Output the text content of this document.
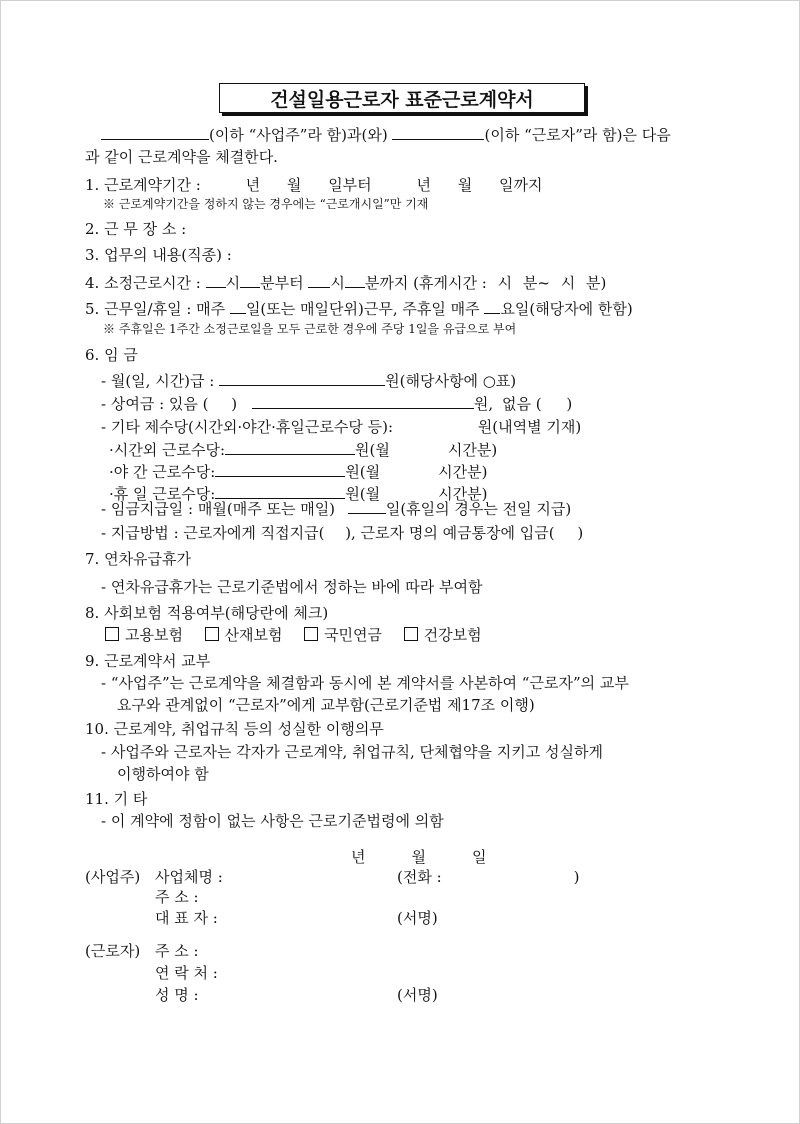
건설일용근로자 표준근로계약서
(이하 “사업주”라 함)과(와)	(이하 “근로자”라 함)은 다음
과 같이 근로계약을 체결한다.
1. 근로계약기간 :	년 월 일부터	년 월 일까지
※ 근로계약기간을 정하지 않는 경우에는 “근로개시일”만 기재
2. 근 무 장 소 :
3. 업무의 내용(직종) :
4. 소정근로시간 : 시 분부터 시 분까지 (휴게시간 : 시 분~ 시 분)
5. 근무일/휴일 : 매주 일(또는 매일단위)근무, 주휴일 매주 요일(해당자에 한함)
※ 주휴일은 1주간 소정근로일을 모두 근로한 경우에 주당 1일을 유급으로 부여
6. 임 금
- 월(일, 시간)급 :	원(해당사항에 ○표)
- 상여금 : 있음 ( )	원, 없음 ( )
- 기타 제수당(시간외·야간·휴일근로수당 등):	원(내역별 기재)
·시간외 근로수당:	원(월	시간분)
·야 간 근로수당:	원(월	시간분)
·휴 일 근로수당:	원(월	시간분)
- 임금지급일 : 매월(매주 또는 매일)	일(휴일의 경우는 전일 지급)
- 지급방법 : 근로자에게 직접지급( ), 근로자 명의 예금통장에 입금( )
7. 연차유급휴가
- 연차유급휴가는 근로기준법에서 정하는 바에 따라 부여함
8. 사회보험 적용여부(해당란에 체크)
고용보험	산재보험	국민연금	건강보험
9. 근로계약서 교부
- “사업주”는 근로계약을 체결함과 동시에 본 계약서를 사본하여 “근로자”의 교부
요구와 관계없이 “근로자”에게 교부함(근로기준법 제17조 이행)
10. 근로계약, 취업규칙 등의 성실한 이행의무
- 사업주와 근로자는 각자가 근로계약, 취업규칙, 단체협약을 지키고 성실하게
이행하여야 함
11. 기 타
- 이 계약에 정함이 없는 사항은 근로기준법령에 의함
년	월	일
(사업주) 사업체명 :	(전화 :	)
주 소 :
대 표 자 :	(서명)
(근로자) 주 소 :
연 락 처 :
성 명 :	(서명)
